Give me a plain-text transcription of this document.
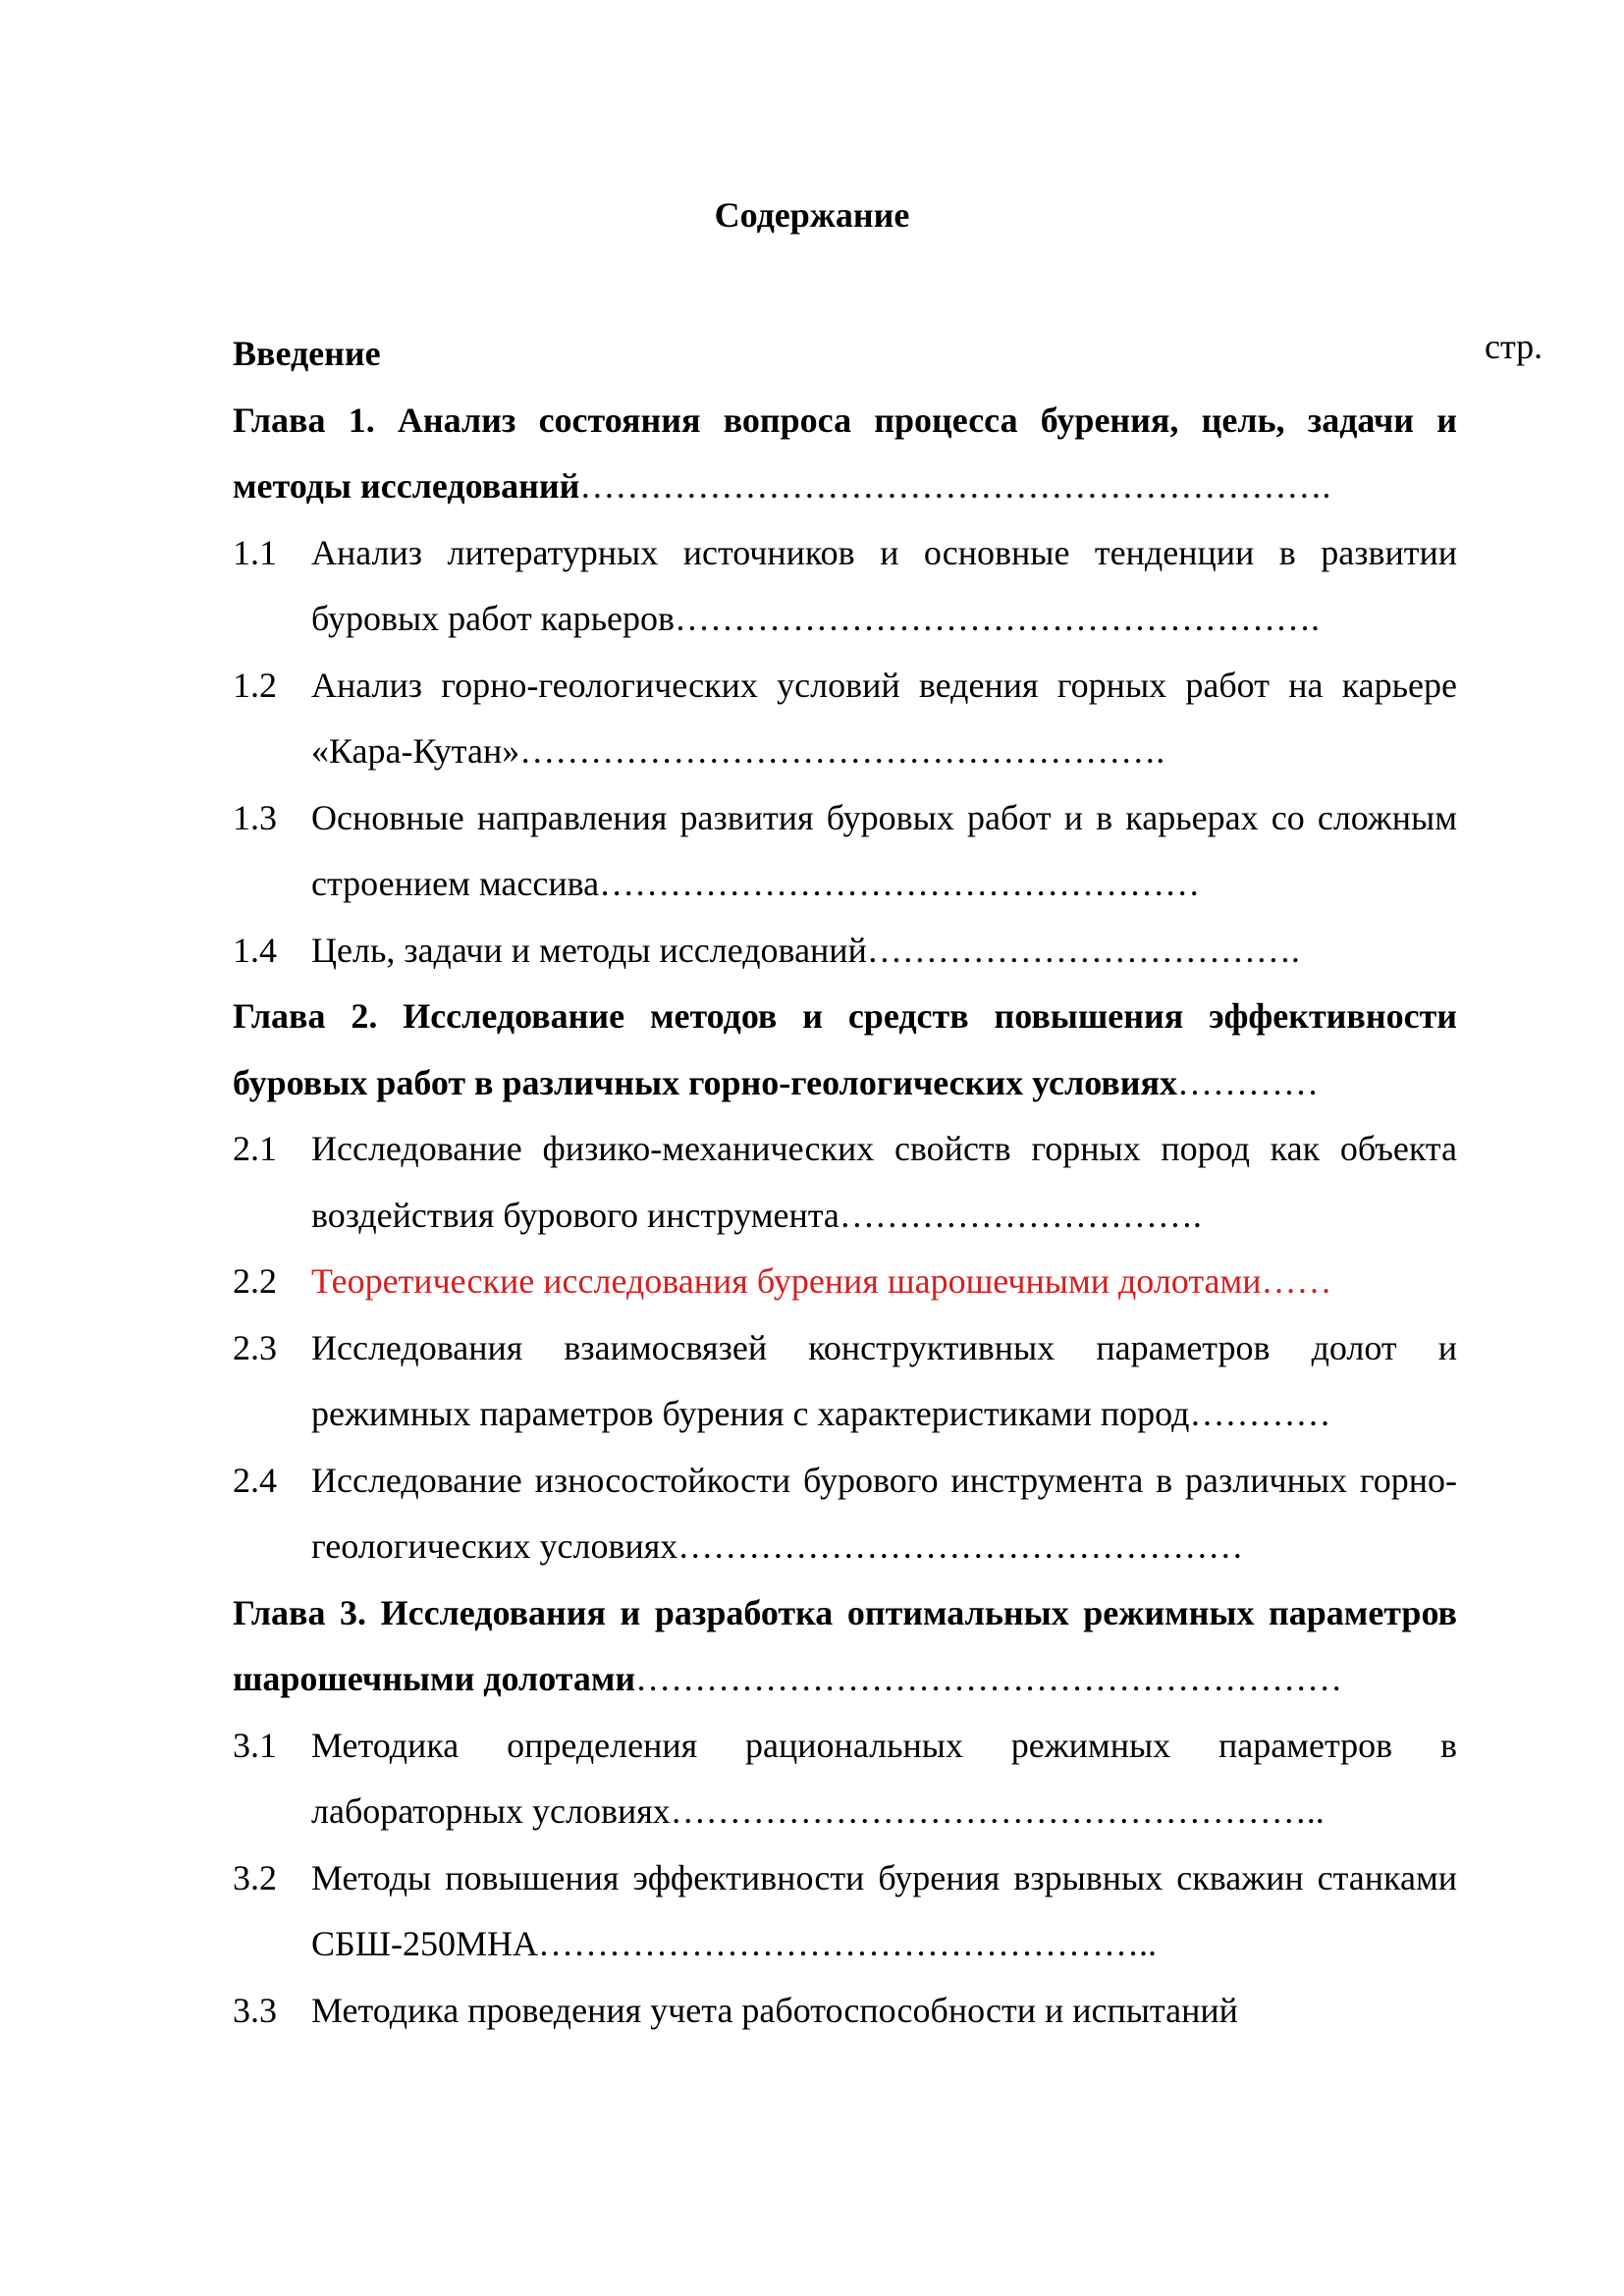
Содержание
стр.
Введение
Глава 1. Анализ состояния вопроса процесса бурения, цель, задачи и методы исследований……………………………………………………….
1.1 Анализ литературных источников и основные тенденции в развитии буровых работ карьеров……………………………………………….
1.2 Анализ горно-геологических условий ведения горных работ на карьере «Кара-Кутан»……………………………………………….
1.3 Основные направления развития буровых работ и в карьерах со сложным строением массива……………………………………………
1.4 Цель, задачи и методы исследований……………………………….
Глава 2. Исследование методов и средств повышения эффективности буровых работ в различных горно-геологических условиях…………
2.1 Исследование физико-механических свойств горных пород как объекта воздействия бурового инструмента………………………….
2.2 Теоретические исследования бурения шарошечными долотами……
2.3 Исследования взаимосвязей конструктивных параметров долот и режимных параметров бурения с характеристиками пород…………
2.4 Исследование износостойкости бурового инструмента в различных горно-геологических условиях…………………………………………
Глава 3. Исследования и разработка оптимальных режимных параметров шарошечными долотами……………………………………………………
3.1 Методика определения рациональных режимных параметров в лабораторных условиях………………………………………………..
3.2 Методы повышения эффективности бурения взрывных скважин станками СБШ-250МНА……………………………………………..
3.3 Методика проведения учета работоспособности и испытаний
